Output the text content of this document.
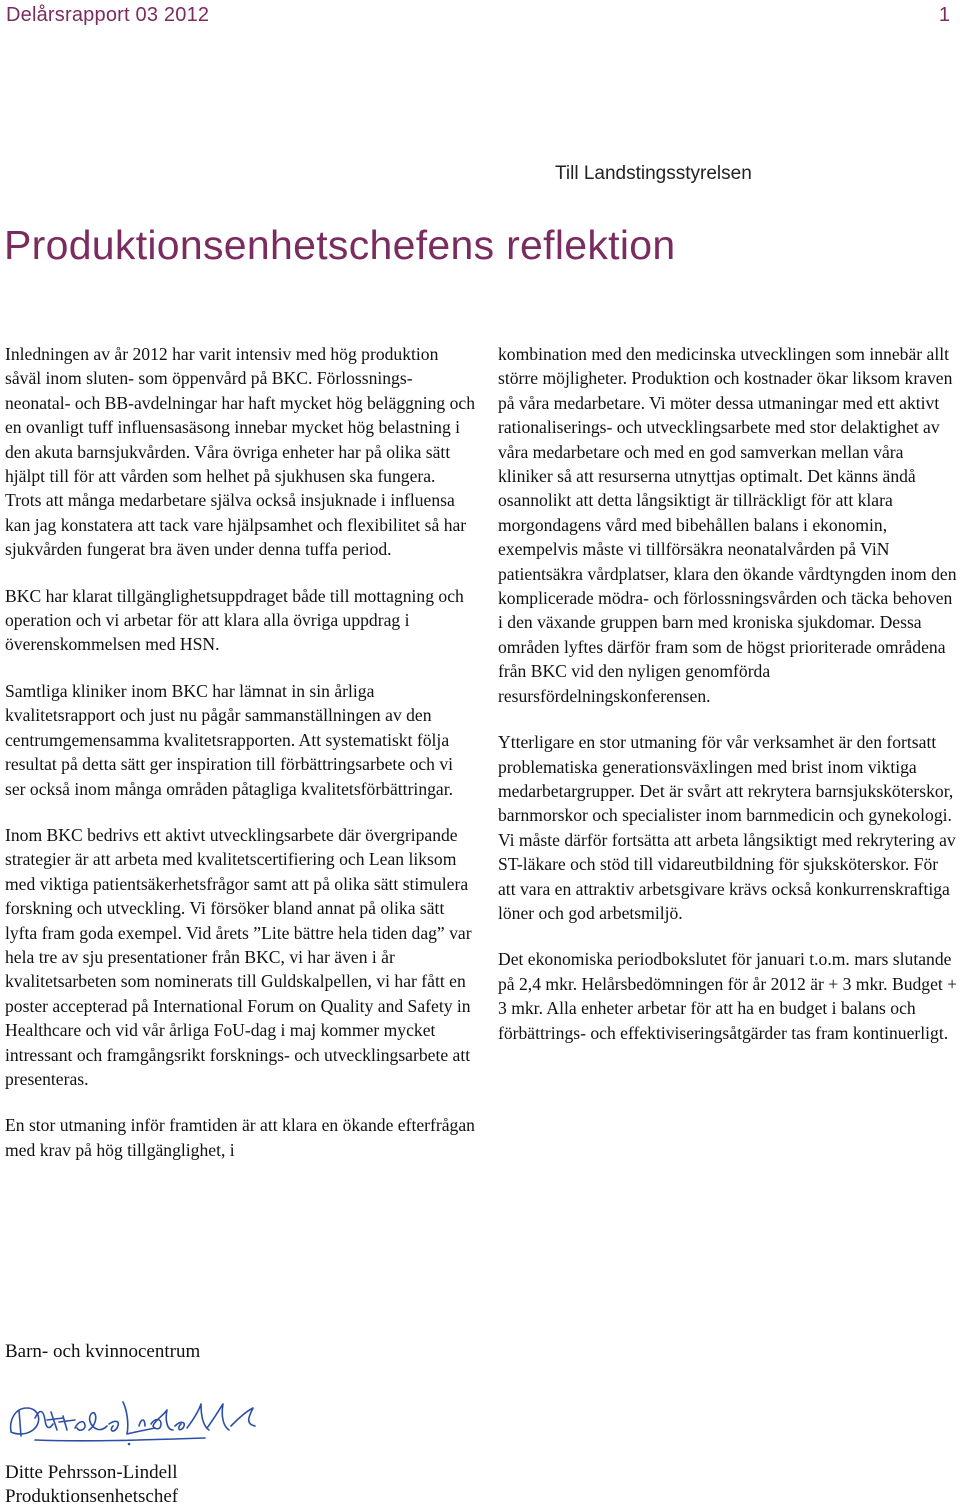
Delårsrapport 03 2012	1
Till Landstingsstyrelsen
Produktionsenhetschefens reflektion

Inledningen av år 2012 har varit intensiv med hög produktion såväl inom sluten- som öppenvård på BKC. Förlossnings- neonatal- och BB-avdelningar har haft mycket hög beläggning och en ovanligt tuff influensasäsong innebar mycket hög belastning i den akuta barnsjukvården. Våra övriga enheter har på olika sätt hjälpt till för att vården som helhet på sjukhusen ska fungera. Trots att många medarbetare själva också insjuknade i influensa kan jag konstatera att tack vare hjälpsamhet och flexibilitet så har sjukvården fungerat bra även under denna tuffa period.

BKC har klarat tillgänglighetsuppdraget både till mottagning och operation och vi arbetar för att klara alla övriga uppdrag i överenskommelsen med HSN.

Samtliga kliniker inom BKC har lämnat in sin årliga kvalitetsrapport och just nu pågår sammanställningen av den centrumgemensamma kvalitetsrapporten. Att systematiskt följa resultat på detta sätt ger inspiration till förbättringsarbete och vi ser också inom många områden påtagliga kvalitetsförbättringar.

Inom BKC bedrivs ett aktivt utvecklingsarbete där övergripande strategier är att arbeta med kvalitetscertifiering och Lean liksom med viktiga patientsäkerhetsfrågor samt att på olika sätt stimulera forskning och utveckling. Vi försöker bland annat på olika sätt lyfta fram goda exempel. Vid årets ”Lite bättre hela tiden dag” var hela tre av sju presentationer från BKC, vi har även i år kvalitetsarbeten som nominerats till Guldskalpellen, vi har fått en poster accepterad på International Forum on Quality and Safety in Healthcare och vid vår årliga FoU-dag i maj kommer mycket intressant och framgångsrikt forsknings- och utvecklingsarbete att presenteras.

En stor utmaning inför framtiden är att klara en ökande efterfrågan med krav på hög tillgänglighet, i

kombination med den medicinska utvecklingen som innebär allt större möjligheter. Produktion och kostnader ökar liksom kraven på våra medarbetare. Vi möter dessa utmaningar med ett aktivt rationaliserings- och utvecklingsarbete med stor delaktighet av våra medarbetare och med en god samverkan mellan våra kliniker så att resurserna utnyttjas optimalt. Det känns ändå osannolikt att detta långsiktigt är tillräckligt för att klara morgondagens vård med bibehållen balans i ekonomin, exempelvis måste vi tillförsäkra neonatalvården på ViN patientsäkra vårdplatser, klara den ökande vårdtyngden inom den komplicerade mödra- och förlossningsvården och täcka behoven i den växande gruppen barn med kroniska sjukdomar. Dessa områden lyftes därför fram som de högst prioriterade områdena från BKC vid den nyligen genomförda resursfördelningskonferensen.

Ytterligare en stor utmaning för vår verksamhet är den fortsatt problematiska generationsväxlingen med brist inom viktiga medarbetargrupper. Det är svårt att rekrytera barnsjuksköterskor, barnmorskor och specialister inom barnmedicin och gynekologi. Vi måste därför fortsätta att arbeta långsiktigt med rekrytering av ST-läkare och stöd till vidareutbildning för sjuksköterskor. För att vara en attraktiv arbetsgivare krävs också konkurrenskraftiga löner och god arbetsmiljö.

Det ekonomiska periodbokslutet för januari t.o.m. mars slutande på 2,4 mkr. Helårsbedömningen för år 2012 är + 3 mkr. Budget + 3 mkr. Alla enheter arbetar för att ha en budget i balans och förbättrings- och effektiviseringsåtgärder tas fram kontinuerligt.

Barn- och kvinnocentrum
Ditte Pehrsson-Lindell
Produktionsenhetschef
